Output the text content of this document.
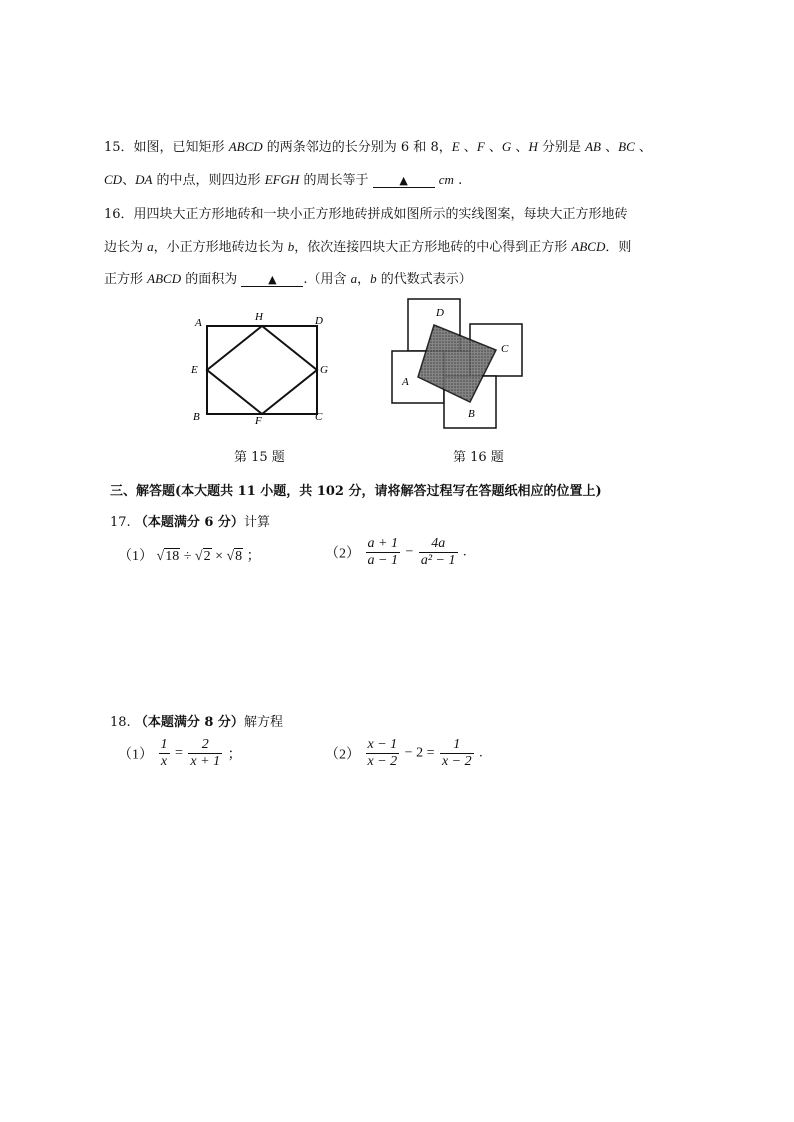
15．如图，已知矩形 ABCD 的两条邻边的长分别为 6 和 8，E 、F 、G 、H 分别是 AB 、BC 、
CD、DA 的中点，则四边形 EFGH 的周长等于	▲ cm .
16．用四块大正方形地砖和一块小正方形地砖拼成如图所示的实线图案，每块大正方形地砖
边长为 a，小正方形地砖边长为 b，依次连接四块大正方形地砖的中心得到正方形 ABCD．则
正方形 ABCD 的面积为	▲ .（用含 a，b 的代数式表示）
A	H	D
E	G
B	F	C
第 15 题
D
C
A
B
第 16 题
三、解答题(本大题共 11 小题，共 102 分，请将解答过程写在答题纸相应的位置上)
17. （本题满分 6 分）计算
（1） √18 ÷ √2 × √8 ；	$(2) \frac{a + 1}{a - 1} - \frac{4a}{\text{a² − 1}}$ .
18. （本题满分 8 分）解方程
$(1) \frac{1}{x} = \frac{2}{x + 1}$ ；	$(2) \frac{x - 1}{x - 2} - 2 = \frac{1}{x - 2}$ .
